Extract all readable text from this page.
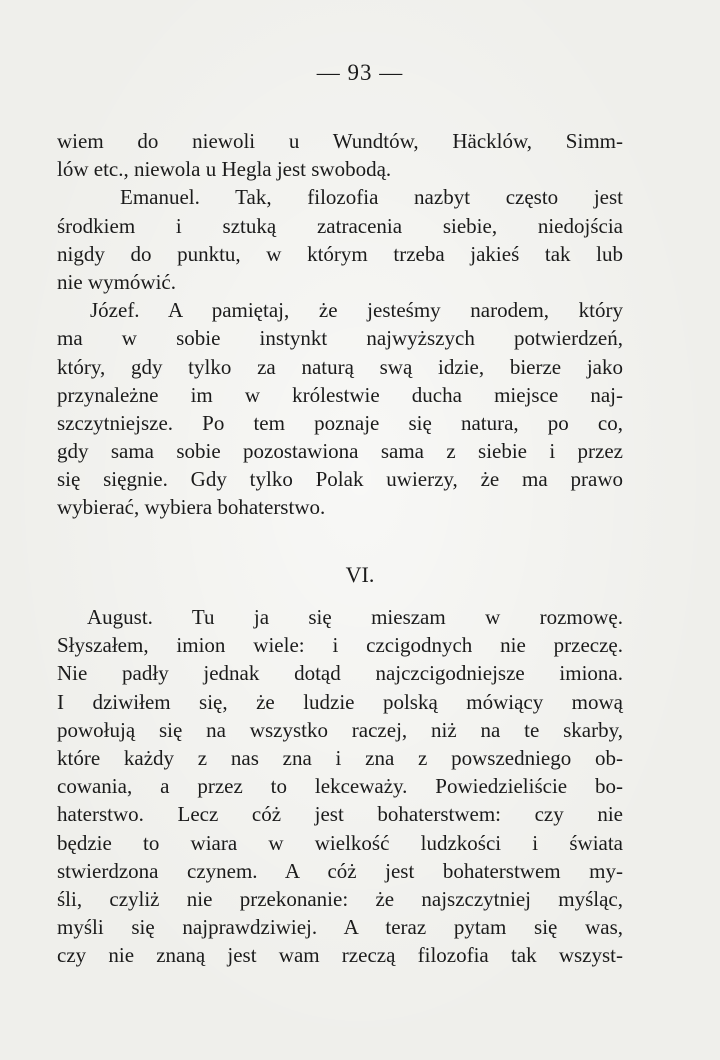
— 93 —
wiem do niewoli u Wundtów, Häcklów, Simm-
lów etc., niewola u Hegla jest swobodą.
Emanuel. Tak, filozofia nazbyt często jest
środkiem i sztuką zatracenia siebie, niedojścia
nigdy do punktu, w którym trzeba jakieś tak lub
nie wymówić.
Józef. A pamiętaj, że jesteśmy narodem, który
ma w sobie instynkt najwyższych potwierdzeń,
który, gdy tylko za naturą swą idzie, bierze jako
przynależne im w królestwie ducha miejsce naj-
szczytniejsze. Po tem poznaje się natura, po co,
gdy sama sobie pozostawiona sama z siebie i przez
się sięgnie. Gdy tylko Polak uwierzy, że ma prawo
wybierać, wybiera bohaterstwo.
VI.
August. Tu ja się mieszam w rozmowę.
Słyszałem, imion wiele: i czcigodnych nie przeczę.
Nie padły jednak dotąd najczcigodniejsze imiona.
I dziwiłem się, że ludzie polską mówiący mową
powołują się na wszystko raczej, niż na te skarby,
które każdy z nas zna i zna z powszedniego ob-
cowania, a przez to lekceważy. Powiedzieliście bo-
haterstwo. Lecz cóż jest bohaterstwem: czy nie
będzie to wiara w wielkość ludzkości i świata
stwierdzona czynem. A cóż jest bohaterstwem my-
śli, czyliż nie przekonanie: że najszczytniej myśląc,
myśli się najprawdziwiej. A teraz pytam się was,
czy nie znaną jest wam rzeczą filozofia tak wszyst-
